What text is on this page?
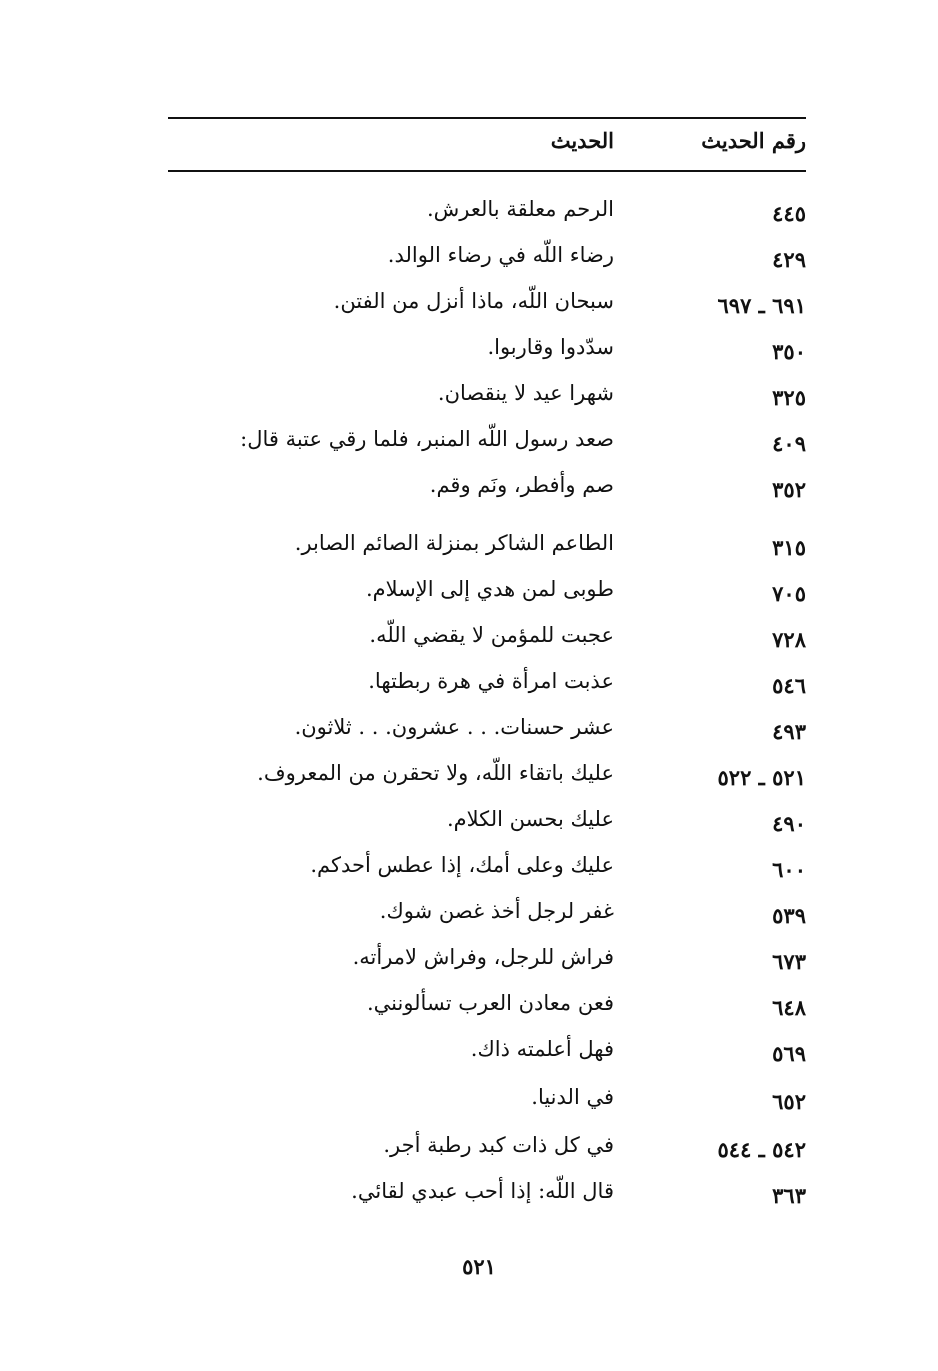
رقم الحديث
الحديث
٤٤٥
الرحم معلقة بالعرش.
٤٢٩
رضاء اللّه في رضاء الوالد.
٦٩١ ـ ٦٩٧
سبحان اللّه، ماذا أنزل من الفتن.
٣٥٠
سدّدوا وقاربوا.
٣٢٥
شهرا عيد لا ينقصان.
٤٠٩
صعد رسول اللّه المنبر، فلما رقي عتبة قال:
٣٥٢
صم وأفطر، ونَم وقم.
٣١٥
الطاعم الشاكر بمنزلة الصائم الصابر.
٧٠٥
طوبى لمن هدي إلى الإسلام.
٧٢٨
عجبت للمؤمن لا يقضي اللّه.
٥٤٦
عذبت امرأة في هرة ربطتها.
٤٩٣
عشر حسنات. . . عشرون. . . ثلاثون.
٥٢١ ـ ٥٢٢
عليك باتقاء اللّه، ولا تحقرن من المعروف.
٤٩٠
عليك بحسن الكلام.
٦٠٠
عليك وعلى أمك، إذا عطس أحدكم.
٥٣٩
غفر لرجل أخذ غصن شوك.
٦٧٣
فراش للرجل، وفراش لامرأته.
٦٤٨
فعن معادن العرب تسألونني.
٥٦٩
فهل أعلمته ذاك.
٦٥٢
في الدنيا.
٥٤٢ ـ ٥٤٤
في كل ذات كبد رطبة أجر.
٣٦٣
قال اللّه: إذا أحب عبدي لقائي.
٥٢١
